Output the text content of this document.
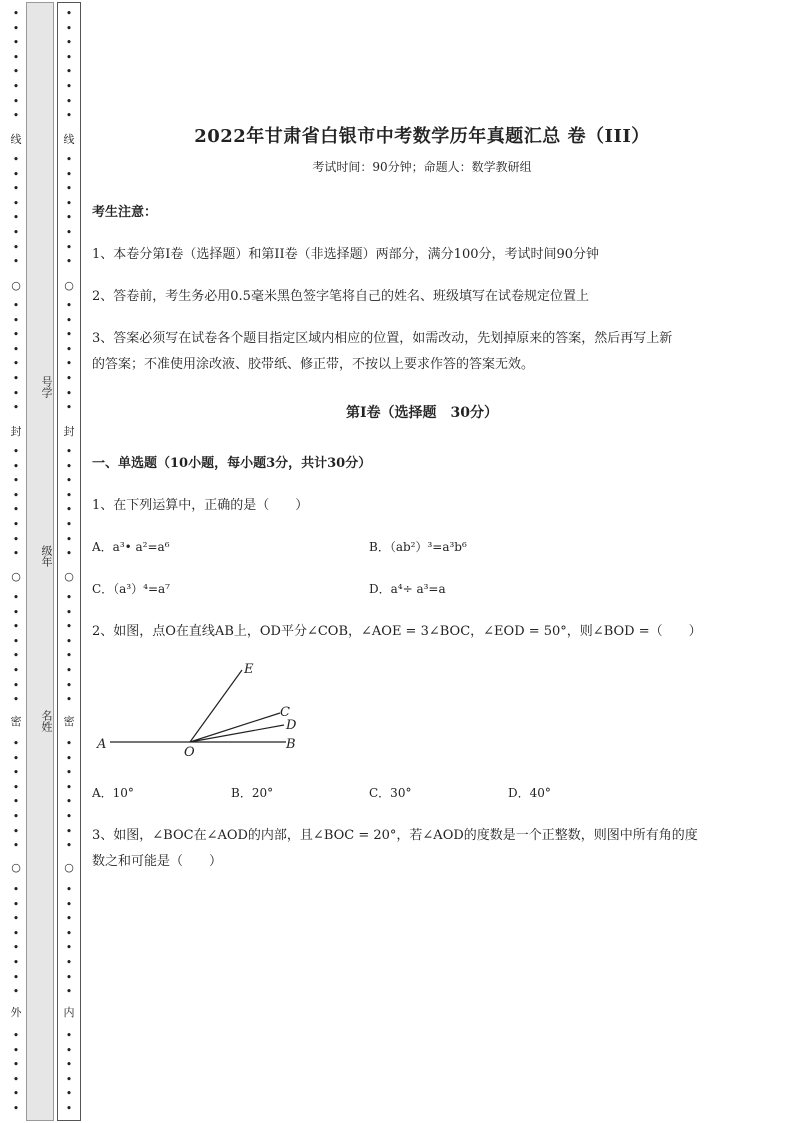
•
•
•
•
•
•
•
•
•
•
•
•
•
•
•
•
•
•
•
•
•
•
•
•
•
•
•
•
•
•
•
•
•
•
•
•
•
•
•
•
•
•
•
•
•
•
•
•
•
•
•
•
•
•
•
•
•
•
•
•
•
•
线
○
封
○
密
○
外
号学
级年
名姓
•
•
•
•
•
•
•
•
•
•
•
•
•
•
•
•
•
•
•
•
•
•
•
•
•
•
•
•
•
•
•
•
•
•
•
•
•
•
•
•
•
•
•
•
•
•
•
•
•
•
•
•
•
•
•
•
•
•
•
•
•
•
线
○
封
○
密
○
内
2022年甘肃省白银市中考数学历年真题汇总 卷（III）
考试时间：90分钟；命题人：数学教研组
考生注意：
1、本卷分第I卷（选择题）和第II卷（非选择题）两部分，满分100分，考试时间90分钟
2、答卷前，考生务必用0.5毫米黑色签字笔将自己的姓名、班级填写在试卷规定位置上
3、答案必须写在试卷各个题目指定区域内相应的位置，如需改动，先划掉原来的答案，然后再写上新
的答案；不准使用涂改液、胶带纸、修正带，不按以上要求作答的答案无效。
第I卷（选择题　30分）
一、单选题（10小题，每小题3分，共计30分）
1、在下列运算中，正确的是（　　）
A．a³• a²=a⁶	B．（ab²）³=a³b⁶
C．（a³）⁴=a⁷	D．a⁴÷ a³=a
2、如图，点O在直线AB上，OD平分∠COB，∠AOE = 3∠BOC，∠EOD = 50°，则∠BOD =（　　）
A
O
B
E
C
D
A．10°	B．20°	C．30°	D．40°
3、如图，∠BOC在∠AOD的内部，且∠BOC = 20°，若∠AOD的度数是一个正整数，则图中所有角的度
数之和可能是（　　）
